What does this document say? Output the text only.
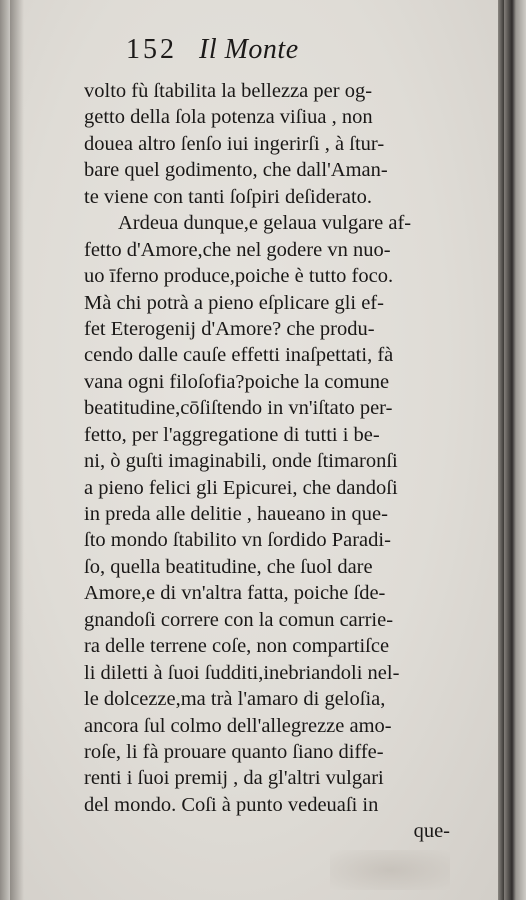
152 Il Monte
volto fù ſtabilita la bellezza per og-
getto della ſola potenza viſiua , non
douea altro ſenſo iui ingerirſi , à ſtur-
bare quel godimento, che dall'Aman-
te viene con tanti ſoſpiri deſiderato.
Ardeua dunque,e gelaua vulgare af-
fetto d'Amore,che nel godere vn nuo-
uo īferno produce,poiche è tutto foco.
Mà chi potrà a pieno eſplicare gli ef-
fet Eterogenij d'Amore? che produ-
cendo dalle cauſe effetti inaſpettati, fà
vana ogni filoſofia?poiche la comune
beatitudine,cōſiſtendo in vn'iſtato per-
fetto, per l'aggregatione di tutti i be-
ni, ò guſti imaginabili, onde ſtimaronſi
a pieno felici gli Epicurei, che dandoſi
in preda alle delitie , haueano in que-
ſto mondo ſtabilito vn ſordido Paradi-
ſo, quella beatitudine, che ſuol dare
Amore,e di vn'altra fatta, poiche ſde-
gnandoſi correre con la comun carrie-
ra delle terrene coſe, non compartiſce
li diletti à ſuoi ſudditi,inebriandoli nel-
le dolcezze,ma trà l'amaro di geloſia,
ancora ſul colmo dell'allegrezze amo-
roſe, li fà prouare quanto ſiano diffe-
renti i ſuoi premij , da gl'altri vulgari
del mondo. Coſi à punto vedeuaſi in
que-
